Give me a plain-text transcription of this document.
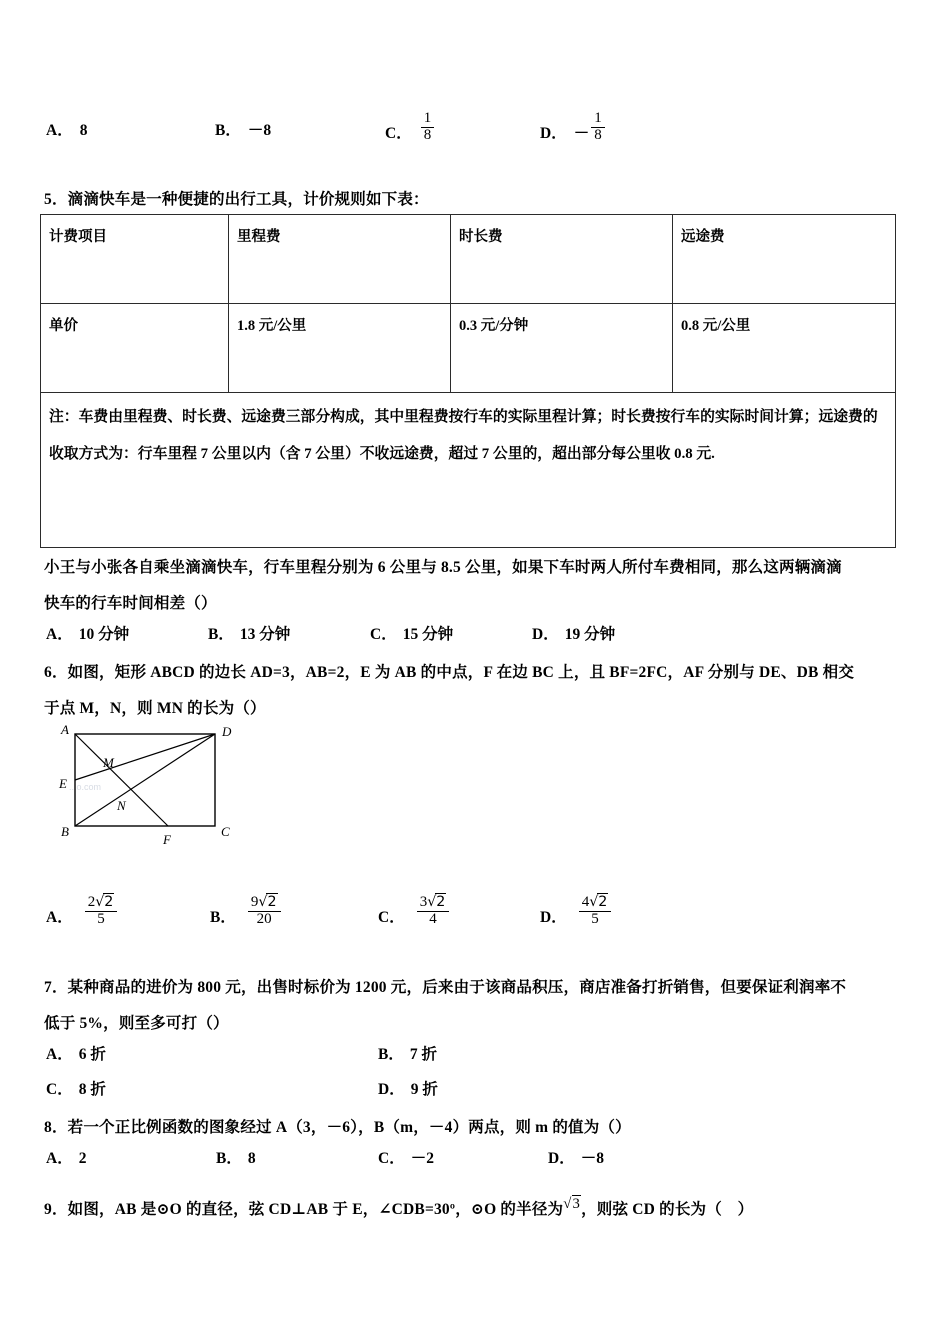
A． 8	B． －8	C． $\frac{1}{8}$	D． － $\frac{1}{8}$
5．滴滴快车是一种便捷的出行工具，计价规则如下表：
计费项目	里程费	时长费	远途费
单价	1.8 元/公里	0.3 元/分钟	0.8 元/公里
注：车费由里程费、时长费、远途费三部分构成，其中里程费按行车的实际里程计算；时长费按行车的实际时间计算；远途费的收取方式为：行车里程 7 公里以内（含 7 公里）不收远途费，超过 7 公里的，超出部分每公里收 0.8 元.			
小王与小张各自乘坐滴滴快车，行车里程分别为 6 公里与 8.5 公里，如果下车时两人所付车费相同，那么这两辆滴滴
快车的行车时间相差（）
A． 10 分钟	B． 13 分钟	C． 15 分钟	D． 19 分钟
6．如图，矩形 ABCD 的边长 AD=3，AB=2，E 为 AB 的中点，F 在边 BC 上，且 BF=2FC，AF 分别与 DE、DB 相交
于点 M，N，则 MN 的长为（）
...o.com
A	D
M
E
N
B
F
C
A． $\frac{2√2}{5}$	B． $\frac{9√2}{20}$	C． $\frac{3√2}{4}$	D． $\frac{4√2}{5}$
7．某种商品的进价为 800 元，出售时标价为 1200 元，后来由于该商品积压，商店准备打折销售，但要保证利润率不
低于 5%，则至多可打（）
A． 6 折	B． 7 折
C． 8 折	D． 9 折
8．若一个正比例函数的图象经过 A（3，－6），B（m，－4）两点，则 m 的值为（）
A． 2	B． 8	C． －2	D． －8
9．如图，AB 是⊙O 的直径，弦 CD⊥AB 于 E，∠CDB=30º，⊙O 的半径为√3，则弦 CD 的长为（　）
